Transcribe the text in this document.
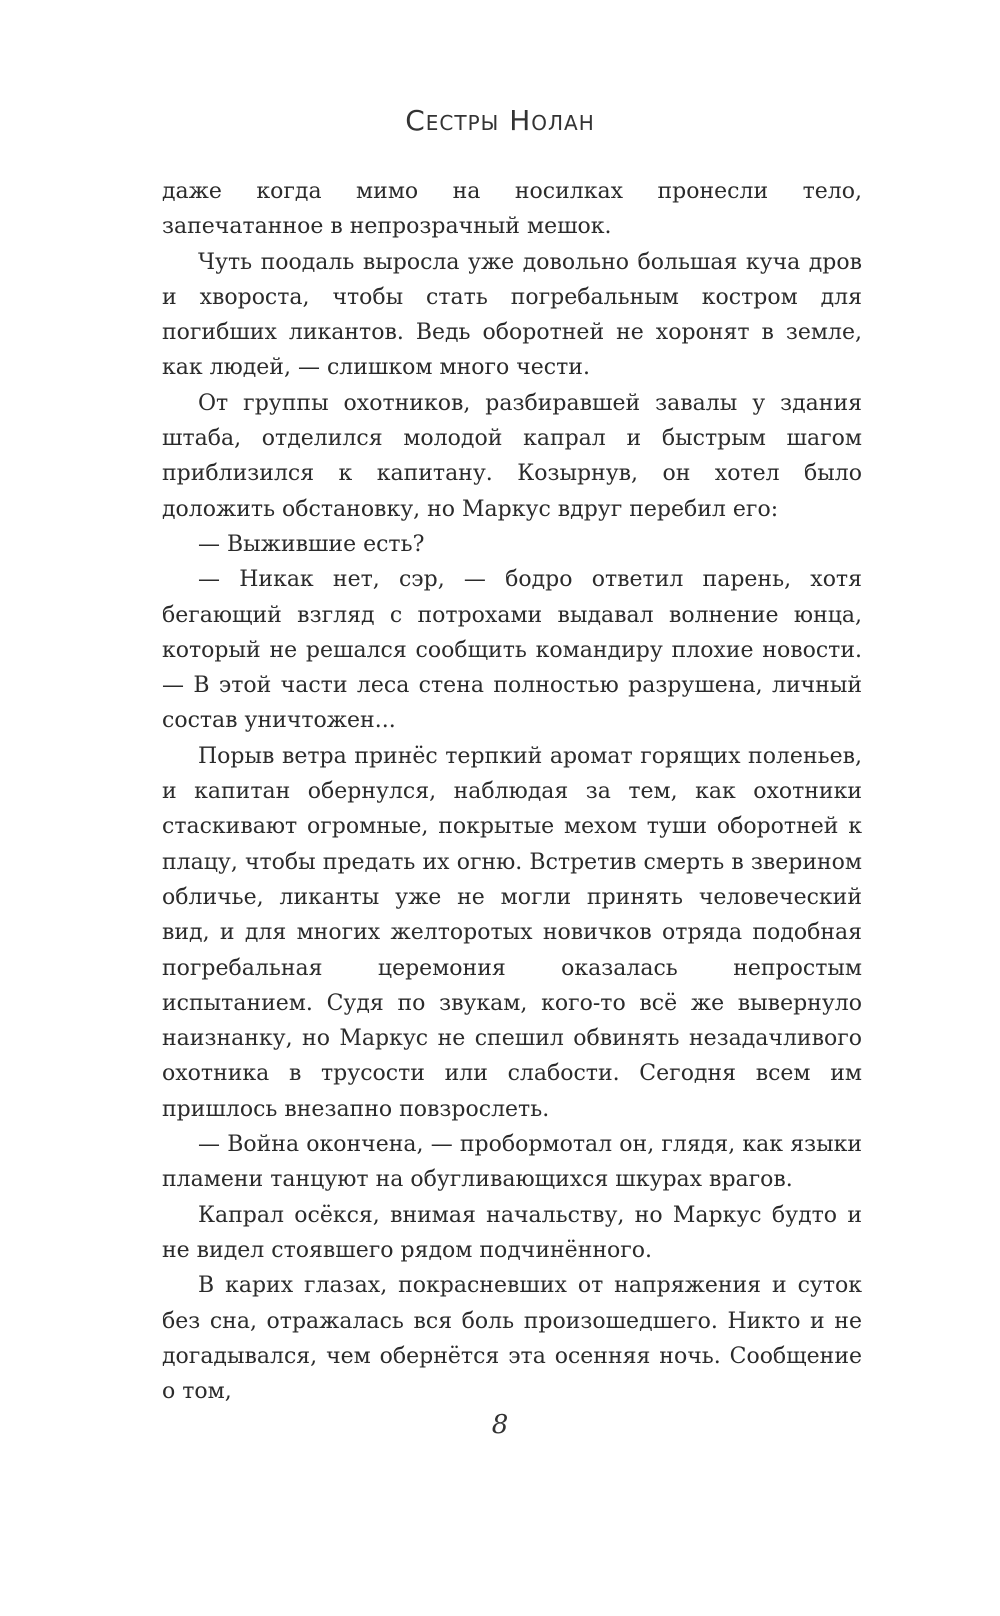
Сестры Нолан

даже когда мимо на носилках пронесли тело, запечатанное в непрозрачный мешок.

Чуть поодаль выросла уже довольно большая куча дров и хвороста, чтобы стать погребальным костром для погибших ликантов. Ведь оборотней не хоронят в земле, как людей, — слишком много чести.

От группы охотников, разбиравшей завалы у здания штаба, отделился молодой капрал и быстрым шагом приблизился к капитану. Козырнув, он хотел было доложить обстановку, но Маркус вдруг перебил его:

— Выжившие есть?

— Никак нет, сэр, — бодро ответил парень, хотя бегающий взгляд с потрохами выдавал волнение юнца, который не решался сообщить командиру плохие новости. — В этой части леса стена полностью разрушена, личный состав уничтожен...

Порыв ветра принёс терпкий аромат горящих поленьев, и капитан обернулся, наблюдая за тем, как охотники стаскивают огромные, покрытые мехом туши оборотней к плацу, чтобы предать их огню. Встретив смерть в зверином обличье, ликанты уже не могли принять человеческий вид, и для многих желторотых новичков отряда подобная погребальная церемония оказалась непростым испытанием. Судя по звукам, кого-то всё же вывернуло наизнанку, но Маркус не спешил обвинять незадачливого охотника в трусости или слабости. Сегодня всем им пришлось внезапно повзрослеть.

— Война окончена, — пробормотал он, глядя, как языки пламени танцуют на обугливающихся шкурах врагов.

Капрал осёкся, внимая начальству, но Маркус будто и не видел стоявшего рядом подчинённого.

В карих глазах, покрасневших от напряжения и суток без сна, отражалась вся боль произошедшего. Никто и не догадывался, чем обернётся эта осенняя ночь. Сообщение о том,

8
